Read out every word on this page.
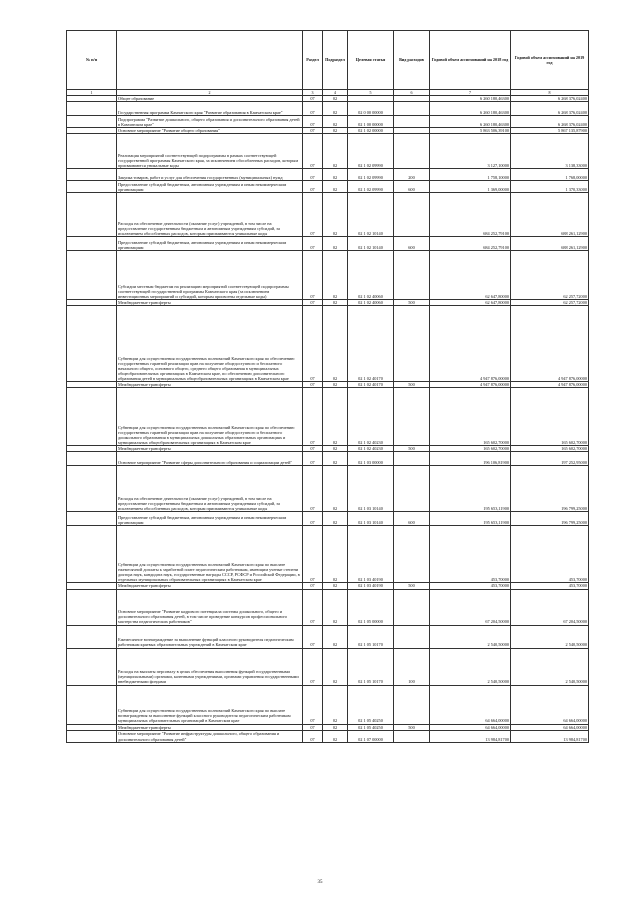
№ п/п		Раздел	Подраздел	Целевая статья	Вид расходов	Годовой объем ассигнований на 2018 год	Годовой объем ассигнований на 2019 год
1	2	3	4	5	6	7	8
	Общее образование	07	02			6 260 180,46300	6 268 376,02400
	Государственная программа Камчатского края "Развитие образования в Камчатском крае"	07	02	02 0 00 00000		6 260 180,46300	6 268 376,02400
	Подпрограмма "Развитие дошкольного, общего образования и дополнительного образования детей в Камчатском крае"	07	02	02 1 00 00000		6 260 180,46300	6 268 376,02400
	Основное мероприятие "Развитие общего образования"	07	02	02 1 02 00000		5 863 506,39100	5 867 135,87900
	Реализация мероприятий соответствующей подпрограммы в рамках соответствующей государственной программы Камчатского края, за исключением обособленных расходов, которым присваиваются уникальные коды	07	02	02 1 02 09990		3 127,10000	3 138,33000
	Закупка товаров, работ и услуг для обеспечения государственных (муниципальных) нужд	07	02	02 1 02 09990	200	1 758,10000	1 768,00000
	Предоставление субсидий бюджетным, автономным учреждениям и иным некоммерческим организациям	07	02	02 1 02 09990	600	1 369,00000	1 370,33000
	Расходы на обеспечение деятельности (оказание услуг) учреждений, в том числе на предоставление государственным бюджетным и автономным учреждениям субсидий, за исключением обособленных расходов, которым присваиваются уникальные коды	07	02	02 1 02 10140		684 252,79100	688 261,12900
	Предоставление субсидий бюджетным, автономным учреждениям и иным некоммерческим организациям	07	02	02 1 02 10140	600	684 252,79100	688 261,12900
	Субсидии местным бюджетам на реализацию мероприятий соответствующей подпрограммы соответствующей государственной программы Камчатского края (за исключением инвестиционных мероприятий и субсидий, которым присвоены отдельные коды)	07	02	02 1 02 40060		62 647,80000	62 257,72000
	Межбюджетные трансферты	07	02	02 1 02 40060	500	62 647,80000	62 257,72000
	Субвенции для осуществления государственных полномочий Камчатского края по обеспечению государственных гарантий реализации прав на получение общедоступного и бесплатного начального общего, основного общего, среднего общего образования в муниципальных общеобразовательных организациях в Камчатском крае, по обеспечению дополнительного образования детей в муниципальных общеобразовательных организациях в Камчатском крае	07	02	02 1 02 40170		4 947 876,00000	4 947 876,00000
	Межбюджетные трансферты	07	02	02 1 02 40170	500	4 947 876,00000	4 947 876,00000
	Субвенции для осуществления государственных полномочий Камчатского края по обеспечению государственных гарантий реализации прав на получение общедоступного и бесплатного дошкольного образования в муниципальных дошкольных образовательных организациях и муниципальных общеобразовательных организациях в Камчатском крае	07	02	02 1 02 40230		165 602,70000	165 602,70000
	Межбюджетные трансферты	07	02	02 1 02 40230	500	165 602,70000	165 602,70000
	Основное мероприятие "Развитие сферы дополнительного образования и социализации детей"	07	02	02 1 03 00000		196 106,81900	197 252,95000
	Расходы на обеспечение деятельности (оказание услуг) учреждений, в том числе на предоставление государственным бюджетным и автономным учреждениям субсидий, за исключением обособленных расходов, которым присваиваются уникальные коды	07	02	02 1 03 10140		195 653,11900	196 799,25000
	Предоставление субсидий бюджетным, автономным учреждениям и иным некоммерческим организациям	07	02	02 1 03 10140	600	195 653,11900	196 799,25000
	Субвенции для осуществления государственных полномочий Камчатского края по выплате ежемесячной доплаты к заработной плате педагогическим работникам, имеющим ученые степени доктора наук, кандидата наук, государственные награды СССР, РСФСР и Российской Федерации, в отдельных муниципальных образовательных организациях в Камчатском крае	07	02	02 1 03 40190		453,70000	453,70000
	Межбюджетные трансферты	07	02	02 1 03 40190	500	453,70000	453,70000
	Основное мероприятие "Развитие кадрового потенциала системы дошкольного, общего и дополнительного образования детей, в том числе проведение конкурсов профессионального мастерства педагогических работников"	07	02	02 1 05 00000		67 204,50000	67 204,50000
	Ежемесячное вознаграждение за выполнение функций классного руководителя педагогическим работникам краевых образовательных учреждений в Камчатском крае	07	02	02 1 05 10170		2 540,50000	2 540,50000
	Расходы на выплаты персоналу в целях обеспечения выполнения функций государственными (муниципальными) органами, казенными учреждениями, органами управления государственными внебюджетными фондами	07	02	02 1 05 10170	100	2 540,50000	2 540,50000
	Субвенции для осуществления государственных полномочий Камчатского края по выплате вознаграждения за выполнение функций классного руководителя педагогическим работникам муниципальных образовательных организаций в Камчатском крае	07	02	02 1 05 40250		64 664,00000	64 664,00000
	Межбюджетные трансферты	07	02	02 1 05 40250	500	64 664,00000	64 664,00000
	Основное мероприятие "Развитие инфраструктуры дошкольного, общего образования и дополнительного образования детей"	07	02	02 1 07 00000		13 984,81700	13 984,81700
35
